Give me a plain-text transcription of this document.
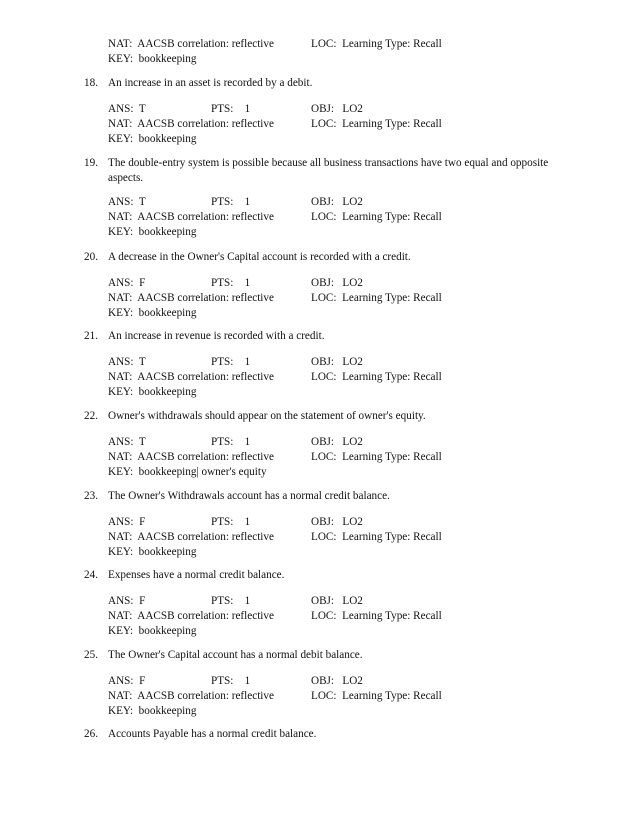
NAT:  AACSB correlation: reflective	LOC:  Learning Type: Recall
KEY:  bookkeeping
18. An increase in an asset is recorded by a debit.
ANS:  T	PTS:    1	OBJ:   LO2
NAT:  AACSB correlation: reflective	LOC:  Learning Type: Recall
KEY:  bookkeeping
19. The double-entry system is possible because all business transactions have two equal and opposite aspects.
ANS:  T	PTS:    1	OBJ:   LO2
NAT:  AACSB correlation: reflective	LOC:  Learning Type: Recall
KEY:  bookkeeping
20. A decrease in the Owner's Capital account is recorded with a credit.
ANS:  F	PTS:    1	OBJ:   LO2
NAT:  AACSB correlation: reflective	LOC:  Learning Type: Recall
KEY:  bookkeeping
21. An increase in revenue is recorded with a credit.
ANS:  T	PTS:    1	OBJ:   LO2
NAT:  AACSB correlation: reflective	LOC:  Learning Type: Recall
KEY:  bookkeeping
22. Owner's withdrawals should appear on the statement of owner's equity.
ANS:  T	PTS:    1	OBJ:   LO2
NAT:  AACSB correlation: reflective	LOC:  Learning Type: Recall
KEY:  bookkeeping| owner's equity
23. The Owner's Withdrawals account has a normal credit balance.
ANS:  F	PTS:    1	OBJ:   LO2
NAT:  AACSB correlation: reflective	LOC:  Learning Type: Recall
KEY:  bookkeeping
24. Expenses have a normal credit balance.
ANS:  F	PTS:    1	OBJ:   LO2
NAT:  AACSB correlation: reflective	LOC:  Learning Type: Recall
KEY:  bookkeeping
25. The Owner's Capital account has a normal debit balance.
ANS:  F	PTS:    1	OBJ:   LO2
NAT:  AACSB correlation: reflective	LOC:  Learning Type: Recall
KEY:  bookkeeping
26. Accounts Payable has a normal credit balance.
